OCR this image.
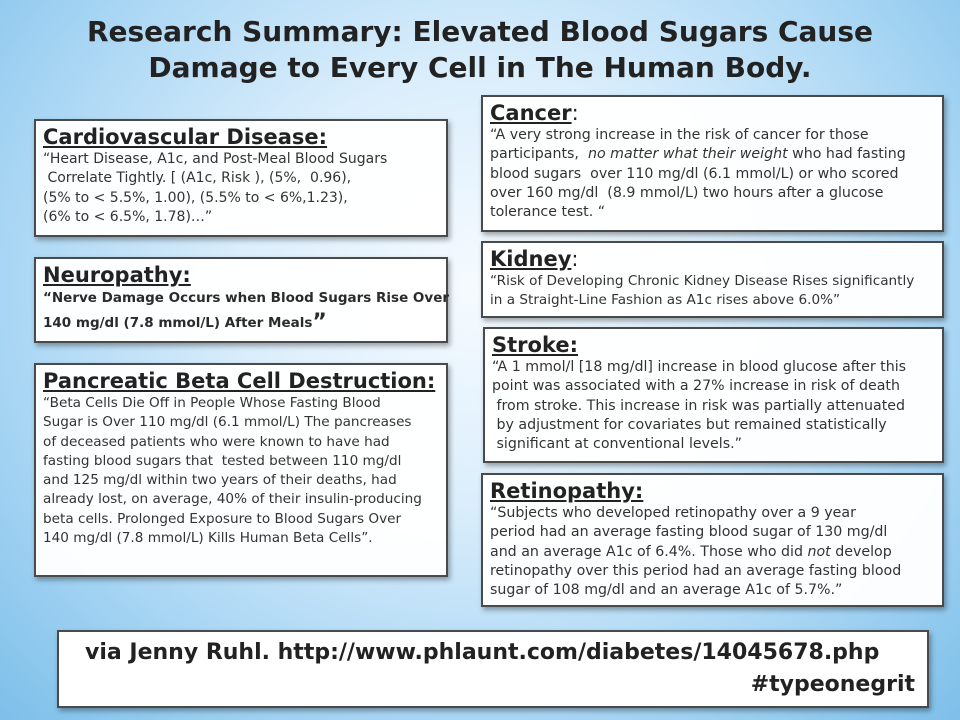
Research Summary: Elevated Blood Sugars Cause
Damage to Every Cell in The Human Body.
Cardiovascular Disease:
“Heart Disease, A1c, and Post-Meal Blood Sugars
Correlate Tightly. [ (A1c, Risk ), (5%,  0.96),
(5% to < 5.5%, 1.00), (5.5% to < 6%,1.23),
(6% to < 6.5%, 1.78)…”
Neuropathy:
“Nerve Damage Occurs when Blood Sugars Rise Over
140 mg/dl (7.8 mmol/L) After Meals”
Pancreatic Beta Cell Destruction:
“Beta Cells Die Off in People Whose Fasting Blood
Sugar is Over 110 mg/dl (6.1 mmol/L) The pancreases
of deceased patients who were known to have had
fasting blood sugars that  tested between 110 mg/dl
and 125 mg/dl within two years of their deaths, had
already lost, on average, 40% of their insulin-producing
beta cells. Prolonged Exposure to Blood Sugars Over
140 mg/dl (7.8 mmol/L) Kills Human Beta Cells”.
Cancer:
“A very strong increase in the risk of cancer for those
participants,  no matter what their weight who had fasting
blood sugars  over 110 mg/dl (6.1 mmol/L) or who scored
over 160 mg/dl  (8.9 mmol/L) two hours after a glucose
tolerance test. “
Kidney:
“Risk of Developing Chronic Kidney Disease Rises significantly
in a Straight-Line Fashion as A1c rises above 6.0%”
Stroke:
“A 1 mmol/l [18 mg/dl] increase in blood glucose after this
point was associated with a 27% increase in risk of death
from stroke. This increase in risk was partially attenuated
by adjustment for covariates but remained statistically
significant at conventional levels.”
Retinopathy:
“Subjects who developed retinopathy over a 9 year
period had an average fasting blood sugar of 130 mg/dl
and an average A1c of 6.4%. Those who did not develop
retinopathy over this period had an average fasting blood
sugar of 108 mg/dl and an average A1c of 5.7%.”
via Jenny Ruhl. http://www.phlaunt.com/diabetes/14045678.php
#typeonegrit
